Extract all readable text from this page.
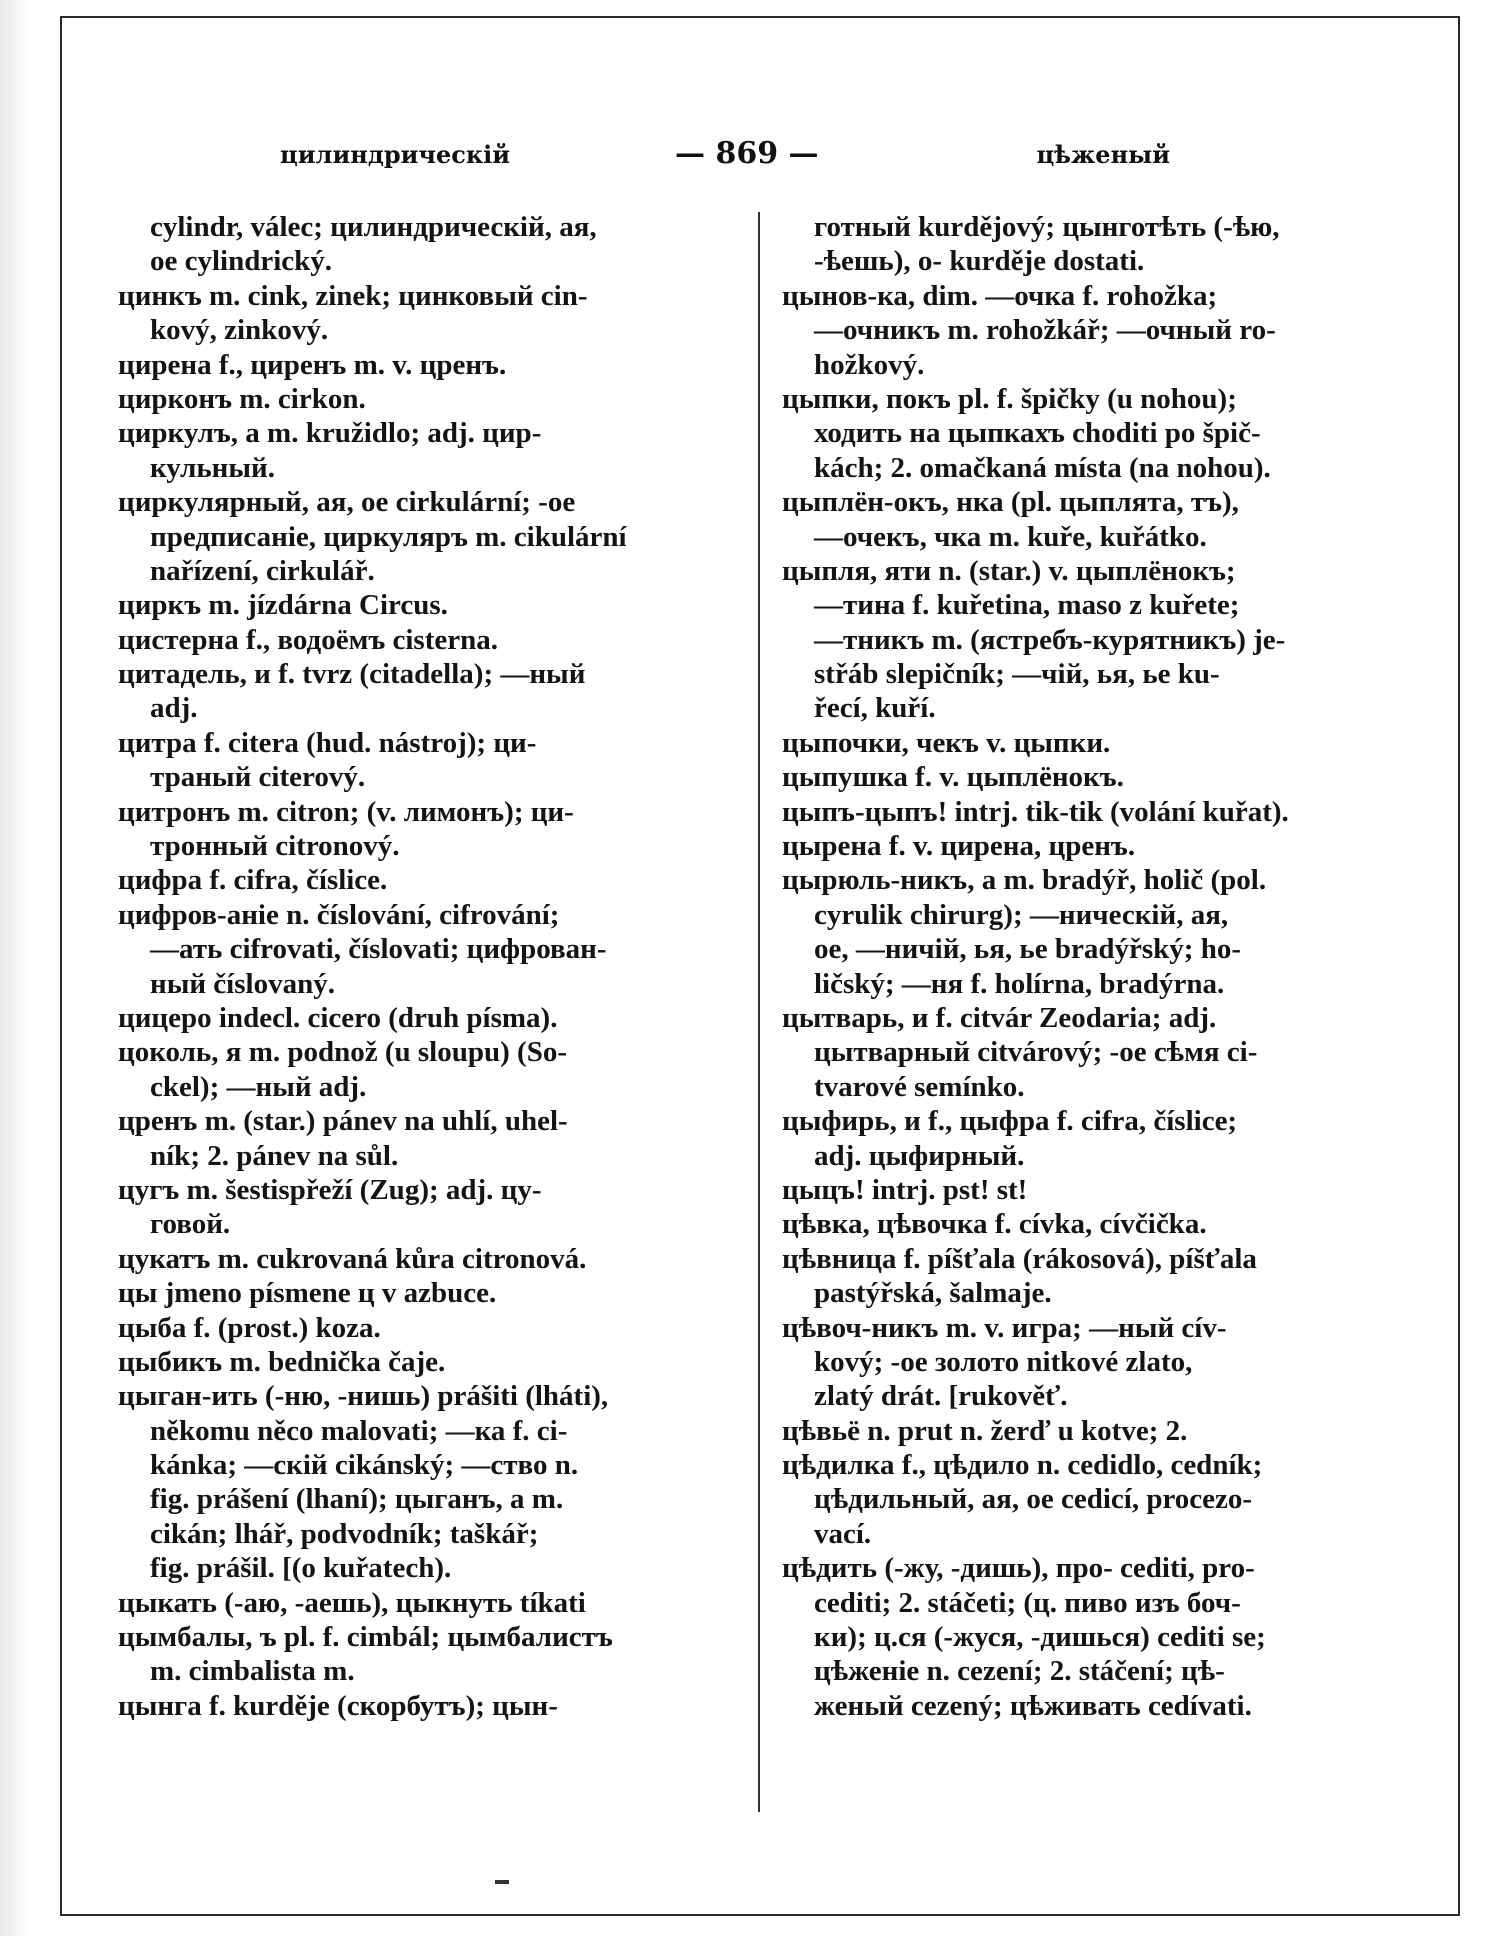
цилиндрическій	— 869 —	цѣженый
cylindr, válec; цилиндрическій, ая,
ое cylindrický.
цинкъ m. cink, zinek; цинковый cin-
kový, zinkový.
цирена f., циренъ m. v. цренъ.
цирконъ m. cirkon.
циркулъ, а m. kružidlo; adj. цир-
кульный.
циркулярный, ая, ое cirkulární; -ое
предписаніе, циркуляръ m. cikulární
nařízení, cirkulář.
циркъ m. jízdárna Circus.
цистерна f., водоёмъ cisterna.
цитадель, и f. tvrz (citadella); —ный
adj.
цитра f. citera (hud. nástroj); ци-
траный citerový.
цитронъ m. citron; (v. лимонъ); ци-
тронный citronový.
цифра f. cifra, číslice.
цифров-аніе n. číslování, cifrování;
—ать cifrovati, číslovati; цифрован-
ный číslovaný.
цицеро indecl. cicero (druh písma).
цоколь, я m. podnož (u sloupu) (So-
ckel); —ный adj.
цренъ m. (star.) pánev na uhlí, uhel-
ník; 2. pánev na sůl.
цугъ m. šestispřeží (Zug); adj. цу-
говой.
цукатъ m. cukrovaná kůra citronová.
цы jmeno písmene ц v azbuce.
цыба f. (prost.) koza.
цыбикъ m. bednička čaje.
цыган-ить (-ню, -нишь) prášiti (lháti),
někomu něco malovati; —ка f. ci-
kánka; —скій cikánský; —ство n.
fig. prášení (lhaní); цыганъ, а m.
cikán; lhář, podvodník; taškář;
fig. prášil. [(o kuřatech).
цыкать (-аю, -аешь), цыкнуть tíkati
цымбалы, ъ pl. f. cimbál; цымбалистъ
m. cimbalista m.
цынга f. kurděje (скорбутъ); цын-
готный kurdějový; цынготѣть (-ѣю,
-ѣешь), o- kurděje dostati.
цынов-ка, dim. —очка f. rohožka;
—очникъ m. rohožkář; —очный ro-
hožkový.
цыпки, покъ pl. f. špičky (u nohou);
ходить на цыпкахъ choditi po špič-
kách; 2. omačkaná místa (na nohou).
цыплён-окъ, нка (pl. цыплята, тъ),
—очекъ, чка m. kuře, kuřátko.
цыпля, яти n. (star.) v. цыплёнокъ;
—тина f. kuřetina, maso z kuřete;
—тникъ m. (ястребъ-курятникъ) je-
střáb slepičník; —чій, ья, ье ku-
řecí, kuří.
цыпочки, чекъ v. цыпки.
цыпушка f. v. цыплёнокъ.
цыпъ-цыпъ! intrj. tik-tik (volání kuřat).
цырена f. v. цирена, цренъ.
цырюль-никъ, а m. bradýř, holič (pol.
cyrulik chirurg); —ническій, ая,
ое, —ничій, ья, ье bradýřský; ho-
ličský; —ня f. holírna, bradýrna.
цытварь, и f. citvár Zeodaria; adj.
цытварный citvárový; -ое сѣмя ci-
tvarové semínko.
цыфирь, и f., цыфра f. cifra, číslice;
adj. цыфирный.
цыцъ! intrj. pst! st!
цѣвка, цѣвочка f. cívka, cívčička.
цѣвница f. píšťala (rákosová), píšťala
pastýřská, šalmaje.
цѣвоч-никъ m. v. игра; —ный cív-
kový; -ое золото nitkové zlato,
zlatý drát. [rukověť.
цѣвьё n. prut n. žerď u kotve; 2.
цѣдилка f., цѣдило n. cedidlo, cedník;
цѣдильный, ая, ое cedicí, procezo-
vací.
цѣдить (-жу, -дишь), про- cediti, pro-
cediti; 2. stáčeti; (ц. пиво изъ боч-
ки); ц.ся (-жуся, -дишься) cediti se;
цѣженіе n. cezení; 2. stáčení; цѣ-
женый cezený; цѣживать cedívati.
